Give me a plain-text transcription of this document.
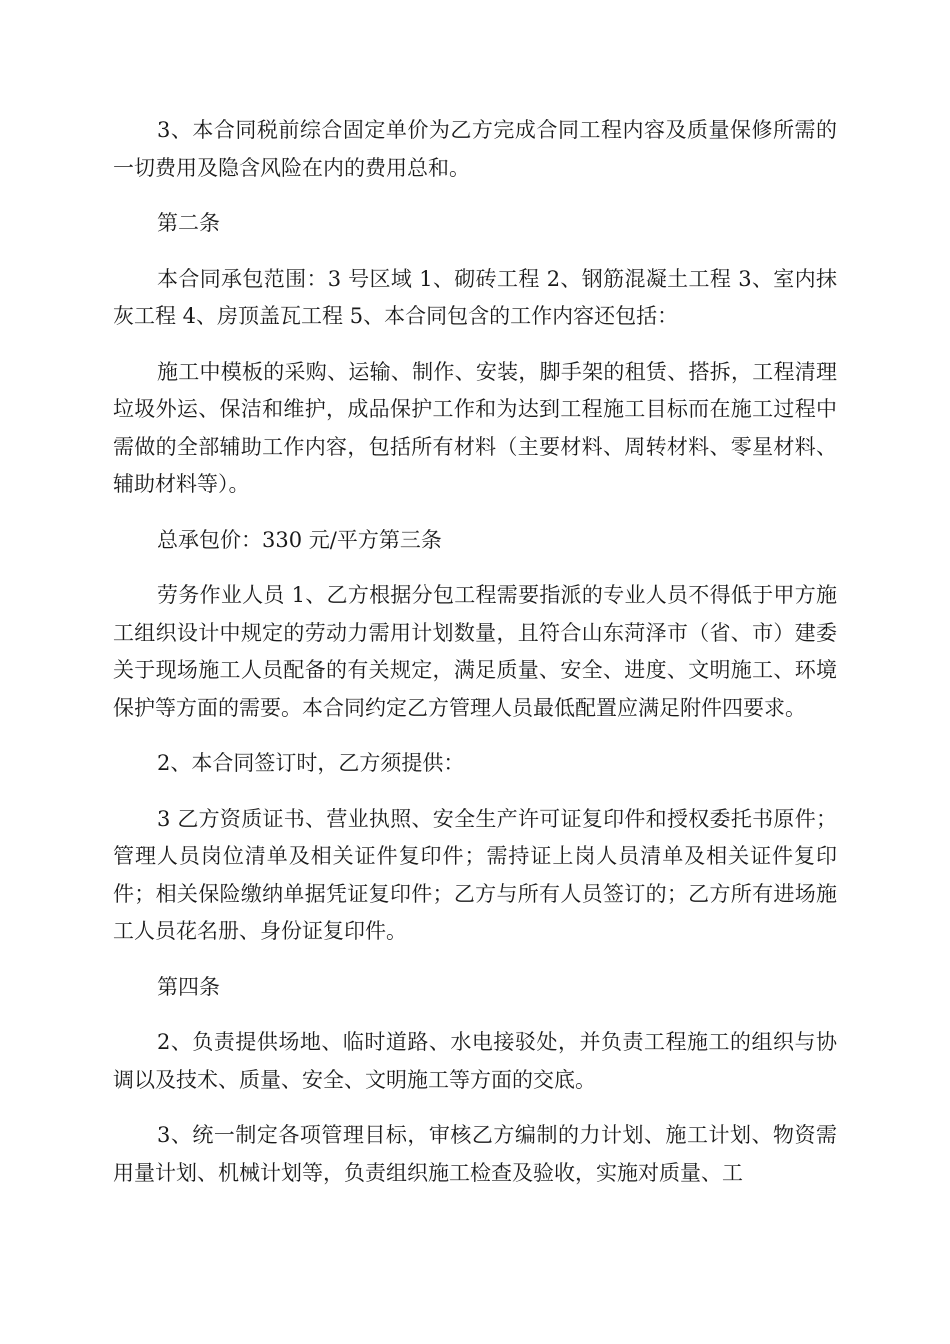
3、本合同税前综合固定单价为乙方完成合同工程内容及质量保修所需的一切费用及隐含风险在内的费用总和。

第二条

本合同承包范围：3 号区域 1、砌砖工程 2、钢筋混凝土工程 3、室内抹灰工程 4、房顶盖瓦工程 5、本合同包含的工作内容还包括：

施工中模板的采购、运输、制作、安装，脚手架的租赁、搭拆，工程清理垃圾外运、保洁和维护，成品保护工作和为达到工程施工目标而在施工过程中需做的全部辅助工作内容，包括所有材料（主要材料、周转材料、零星材料、辅助材料等）。

总承包价：330 元/平方第三条

劳务作业人员 1、乙方根据分包工程需要指派的专业人员不得低于甲方施工组织设计中规定的劳动力需用计划数量，且符合山东菏泽市（省、市）建委关于现场施工人员配备的有关规定，满足质量、安全、进度、文明施工、环境保护等方面的需要。本合同约定乙方管理人员最低配置应满足附件四要求。

2、本合同签订时，乙方须提供：

3 乙方资质证书、营业执照、安全生产许可证复印件和授权委托书原件；管理人员岗位清单及相关证件复印件；需持证上岗人员清单及相关证件复印件；相关保险缴纳单据凭证复印件；乙方与所有人员签订的；乙方所有进场施工人员花名册、身份证复印件。

第四条

2、负责提供场地、临时道路、水电接驳处，并负责工程施工的组织与协调以及技术、质量、安全、文明施工等方面的交底。

3、统一制定各项管理目标，审核乙方编制的力计划、施工计划、物资需用量计划、机械计划等，负责组织施工检查及验收，实施对质量、工
